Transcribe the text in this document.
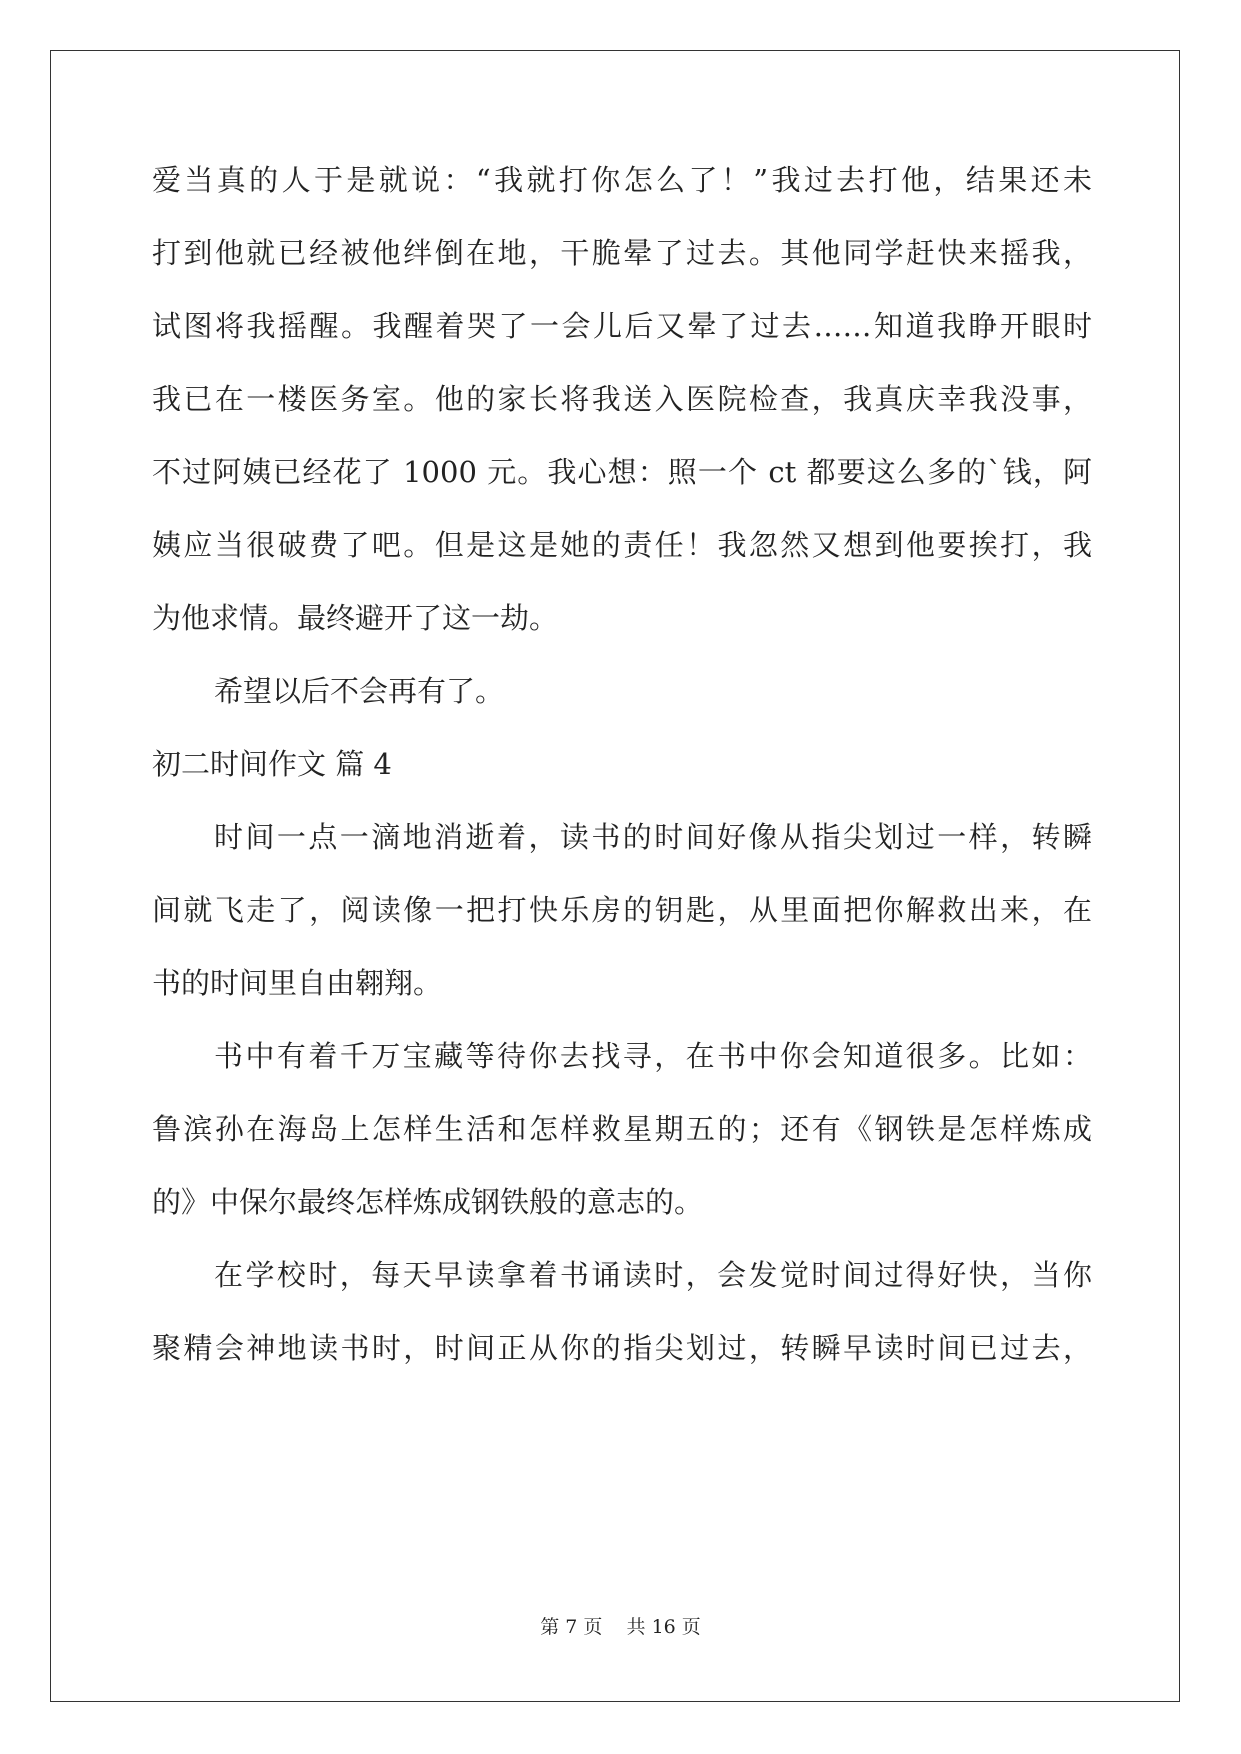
爱当真的人于是就说：“我就打你怎么了！”我过去打他，结果还未
打到他就已经被他绊倒在地，干脆晕了过去。其他同学赶快来摇我，
试图将我摇醒。我醒着哭了一会儿后又晕了过去……知道我睁开眼时
我已在一楼医务室。他的家长将我送入医院检查，我真庆幸我没事，
不过阿姨已经花了 1000 元。我心想：照一个 ct 都要这么多的`钱，阿
姨应当很破费了吧。但是这是她的责任！我忽然又想到他要挨打，我
为他求情。最终避开了这一劫。
希望以后不会再有了。
初二时间作文 篇 4
时间一点一滴地消逝着，读书的时间好像从指尖划过一样，转瞬
间就飞走了，阅读像一把打快乐房的钥匙，从里面把你解救出来，在
书的时间里自由翱翔。
书中有着千万宝藏等待你去找寻，在书中你会知道很多。比如：
鲁滨孙在海岛上怎样生活和怎样救星期五的；还有《钢铁是怎样炼成
的》中保尔最终怎样炼成钢铁般的意志的。
在学校时，每天早读拿着书诵读时，会发觉时间过得好快，当你
聚精会神地读书时，时间正从你的指尖划过，转瞬早读时间已过去，
第 7 页    共 16 页
